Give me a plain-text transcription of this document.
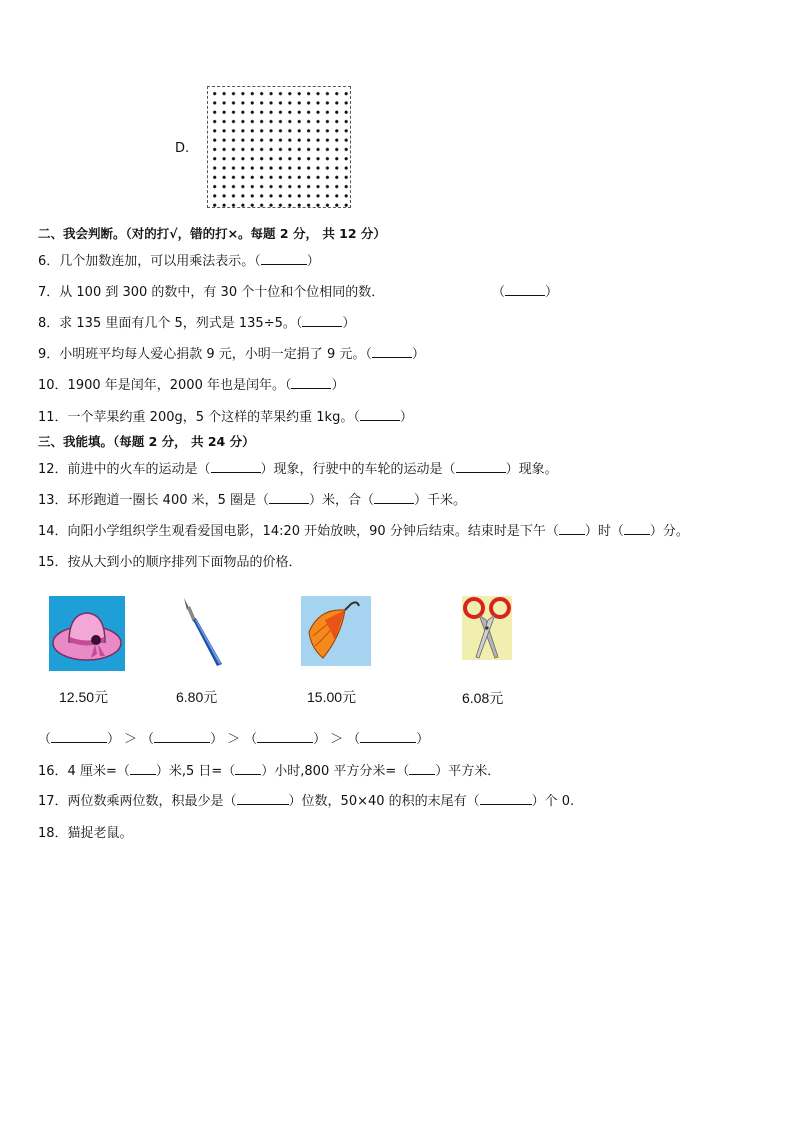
D.
二、我会判断。（对的打√，错的打×。每题 2 分， 共 12 分）
6．几个加数连加，可以用乘法表示。（	）
7．从 100 到 300 的数中，有 30 个十位和个位相同的数．	（	）
8．求 135 里面有几个 5，列式是 135÷5。（	）
9．小明班平均每人爱心捐款 9 元，小明一定捐了 9 元。（	）
10．1900 年是闰年，2000 年也是闰年。（	）
11．一个苹果约重 200g，5 个这样的苹果约重 1kg。（	）
三、我能填。（每题 2 分， 共 24 分）
12．前进中的火车的运动是（	）现象，行驶中的车轮的运动是（	）现象。
13．环形跑道一圈长 400 米，5 圈是（	）米，合（	）千米。
14．向阳小学组织学生观看爱国电影，14:20 开始放映，90 分钟后结束。结束时是下午（ ）时（ ）分。
15．按从大到小的顺序排列下面物品的价格．
12.50元	6.80元	15.00元	6.08元
（	） ＞ （	） ＞ （	） ＞ （	）
16．4 厘米=（ ）米,5 日=（ ）小时,800 平方分米=（ ）平方米．
17．两位数乘两位数，积最少是（	）位数，50×40 的积的末尾有（	）个 0.
18．猫捉老鼠。
